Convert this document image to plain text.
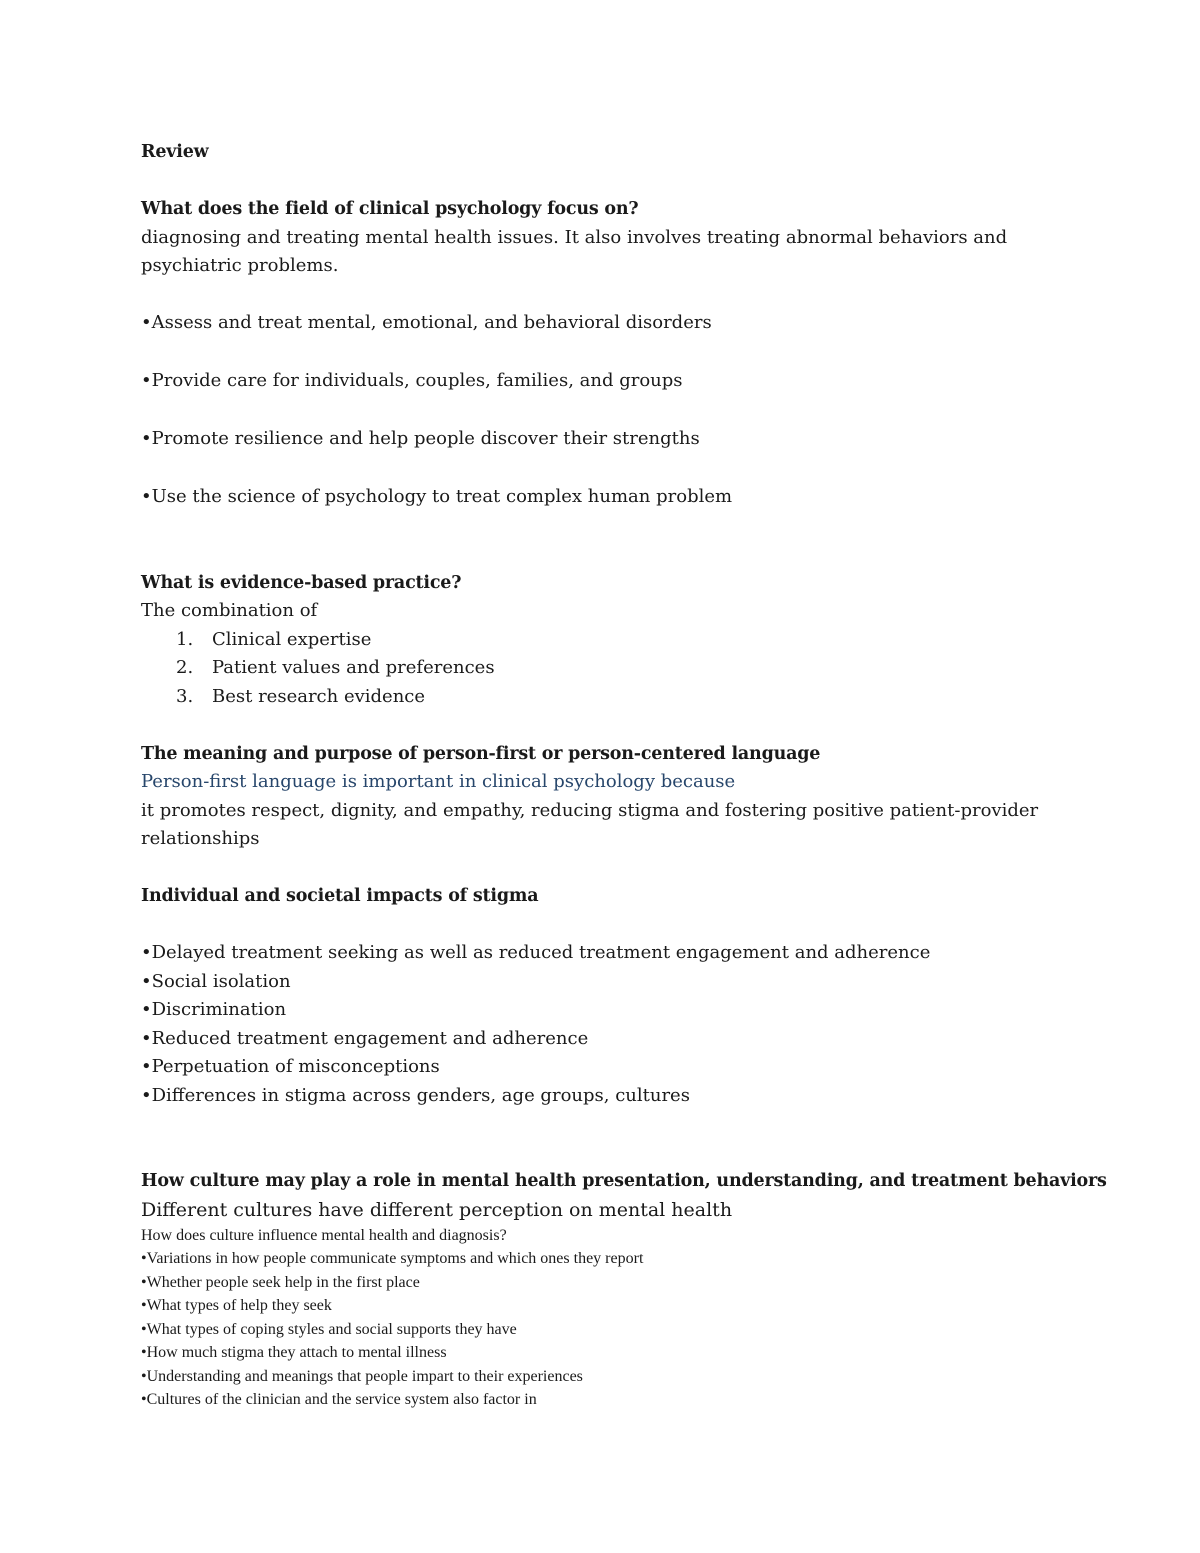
Review
What does the field of clinical psychology focus on?
diagnosing and treating mental health issues. It also involves treating abnormal behaviors and psychiatric problems.
•Assess and treat mental, emotional, and behavioral disorders
•Provide care for individuals, couples, families, and groups
•Promote resilience and help people discover their strengths
•Use the science of psychology to treat complex human problem
What is evidence-based practice?
The combination of
1. Clinical expertise
2. Patient values and preferences
3. Best research evidence
The meaning and purpose of person-first or person-centered language
Person-first language is important in clinical psychology because
it promotes respect, dignity, and empathy, reducing stigma and fostering positive patient-provider relationships
Individual and societal impacts of stigma
•Delayed treatment seeking as well as reduced treatment engagement and adherence
•Social isolation
•Discrimination
•Reduced treatment engagement and adherence
•Perpetuation of misconceptions
•Differences in stigma across genders, age groups, cultures
How culture may play a role in mental health presentation, understanding, and treatment behaviors
Different cultures have different perception on mental health
How does culture influence mental health and diagnosis?
•Variations in how people communicate symptoms and which ones they report
•Whether people seek help in the first place
•What types of help they seek
•What types of coping styles and social supports they have
•How much stigma they attach to mental illness
•Understanding and meanings that people impart to their experiences
•Cultures of the clinician and the service system also factor in
